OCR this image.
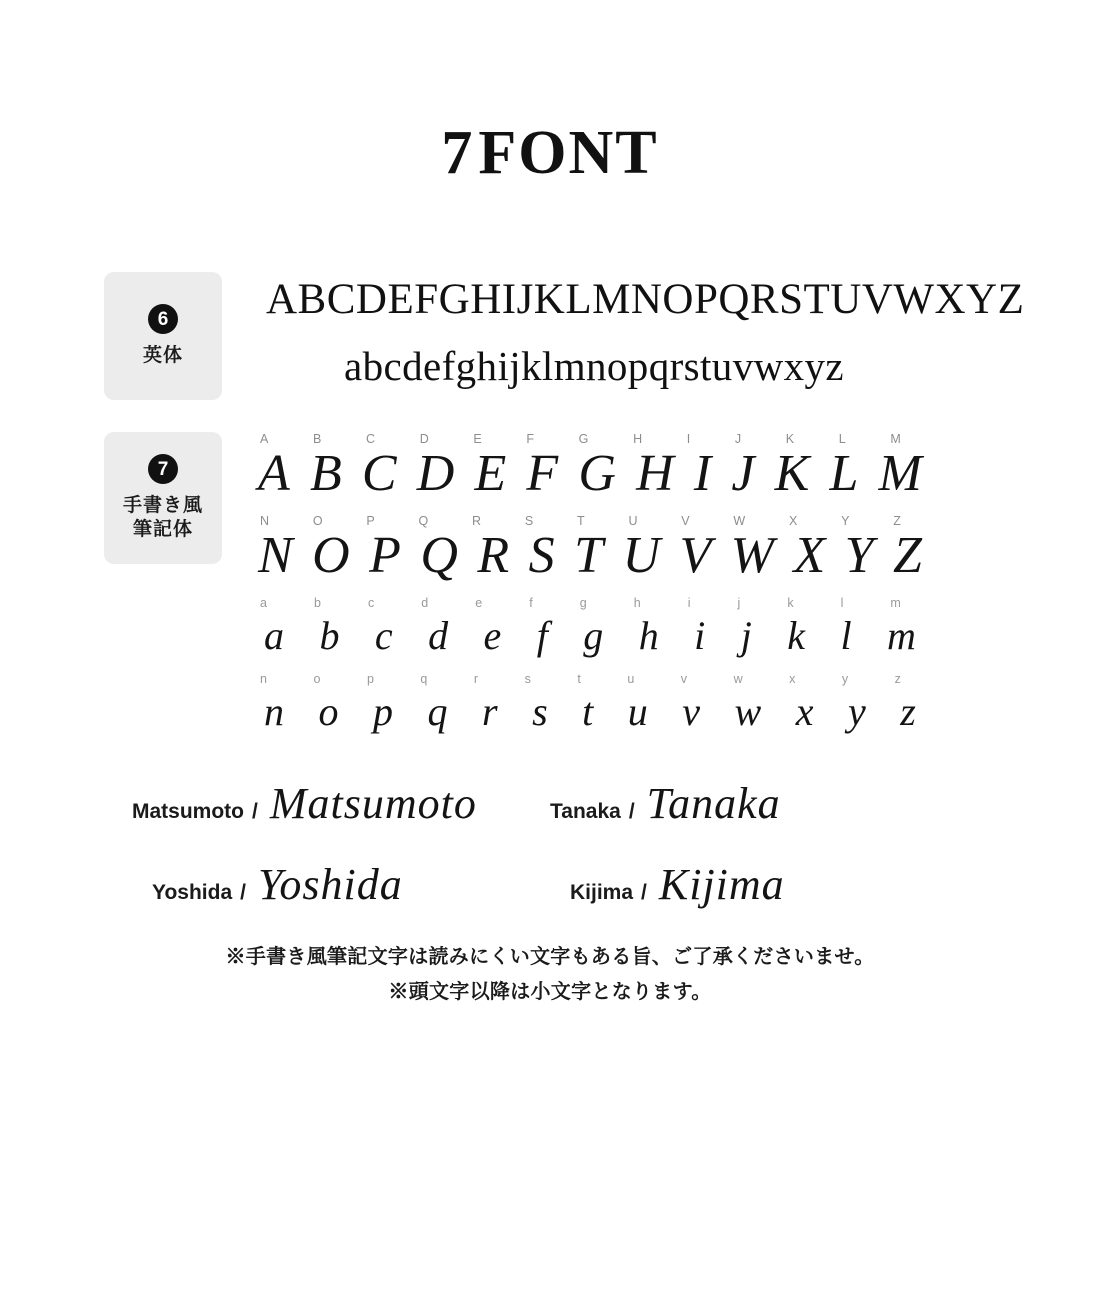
7FONT
6
英体
ABCDEFGHIJKLMNOPQRSTUVWXYZ
abcdefghijklmnopqrstuvwxyz
7
手書き風
筆記体
A	B	C	D	E	F	G	H	I	J	K	L	M
A B C D E F G H I J K L M
N	O	P	Q	R	S	T	U	V	W	X	Y	Z
N O P Q R S T U V W X Y Z
a	b	c	d	e	f	g	h	i	j	k	l	m
a b c d e f g h i j k l m
n	o	p	q	r	s	t	u	v	w	x	y	z
n o p q r s t u v w x y z
Matsumoto / Matsumoto	Tanaka / Tanaka
Yoshida / Yoshida	Kijima / Kijima
※手書き風筆記文字は読みにくい文字もある旨、ご了承くださいませ。
※頭文字以降は小文字となります。
